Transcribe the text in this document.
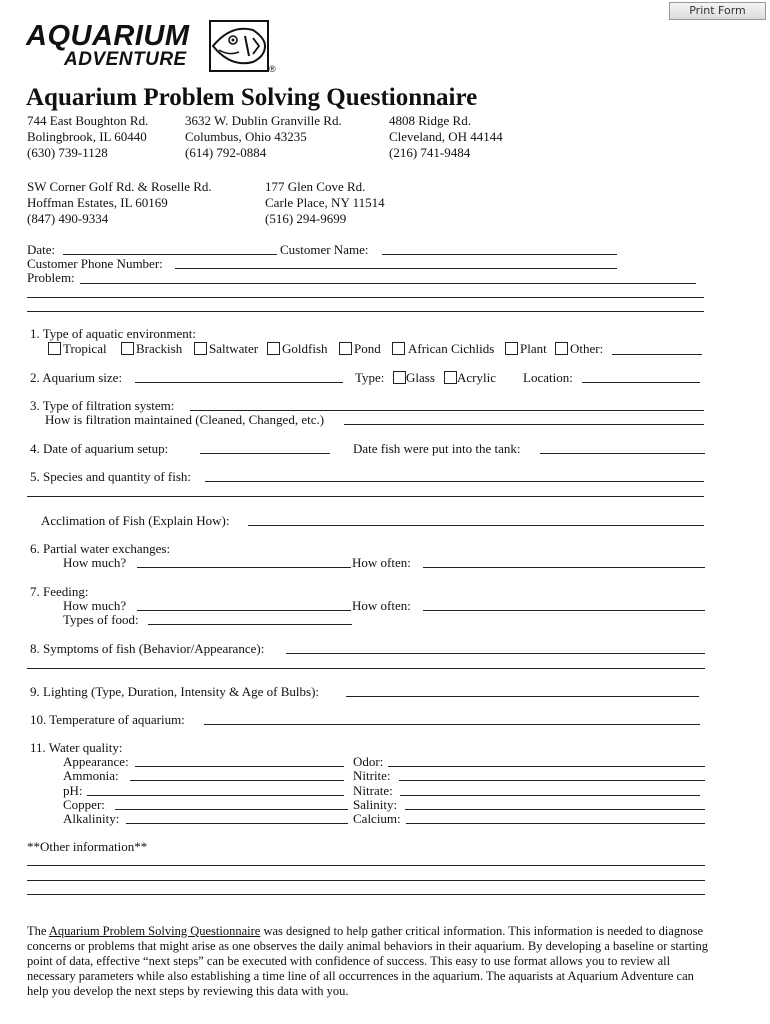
Print Form
AQUARIUM
ADVENTURE	®
Aquarium Problem Solving Questionnaire
744 East Boughton Rd.
Bolingbrook, IL 60440
(630) 739-1128
3632 W. Dublin Granville Rd.
Columbus, Ohio 43235
(614) 792-0884
4808 Ridge Rd.
Cleveland, OH 44144
(216) 741-9484
SW Corner Golf Rd. & Roselle Rd.
Hoffman Estates, IL 60169
(847) 490-9334
177 Glen Cove Rd.
Carle Place, NY 11514
(516) 294-9699
Date:	Customer Name:
Customer Phone Number:
Problem:
1. Type of aquatic environment:
Tropical Brackish Saltwater Goldfish Pond African Cichlids Plant Other:
2. Aquarium size:	Type: Glass Acrylic Location:
3. Type of filtration system:
How is filtration maintained (Cleaned, Changed, etc.)
4. Date of aquarium setup:	Date fish were put into the tank:
5. Species and quantity of fish:
Acclimation of Fish (Explain How):
6. Partial water exchanges:
How much?	How often:
7. Feeding:
How much?	How often:
Types of food:
8. Symptoms of fish (Behavior/Appearance):
9. Lighting (Type, Duration, Intensity & Age of Bulbs):
10. Temperature of aquarium:
11. Water quality:
Appearance:	Odor:
Ammonia:	Nitrite:
pH:	Nitrate:
Copper:	Salinity:
Alkalinity:	Calcium:
**Other information**
The Aquarium Problem Solving Questionnaire was designed to help gather critical information. This information is needed to diagnose concerns or problems that might arise as one observes the daily animal behaviors in their aquarium. By developing a baseline or starting point of data, effective “next steps” can be executed with confidence of success. This easy to use format allows you to review all necessary parameters while also establishing a time line of all occurrences in the aquarium. The aquarists at Aquarium Adventure can help you develop the next steps by reviewing this data with you.
